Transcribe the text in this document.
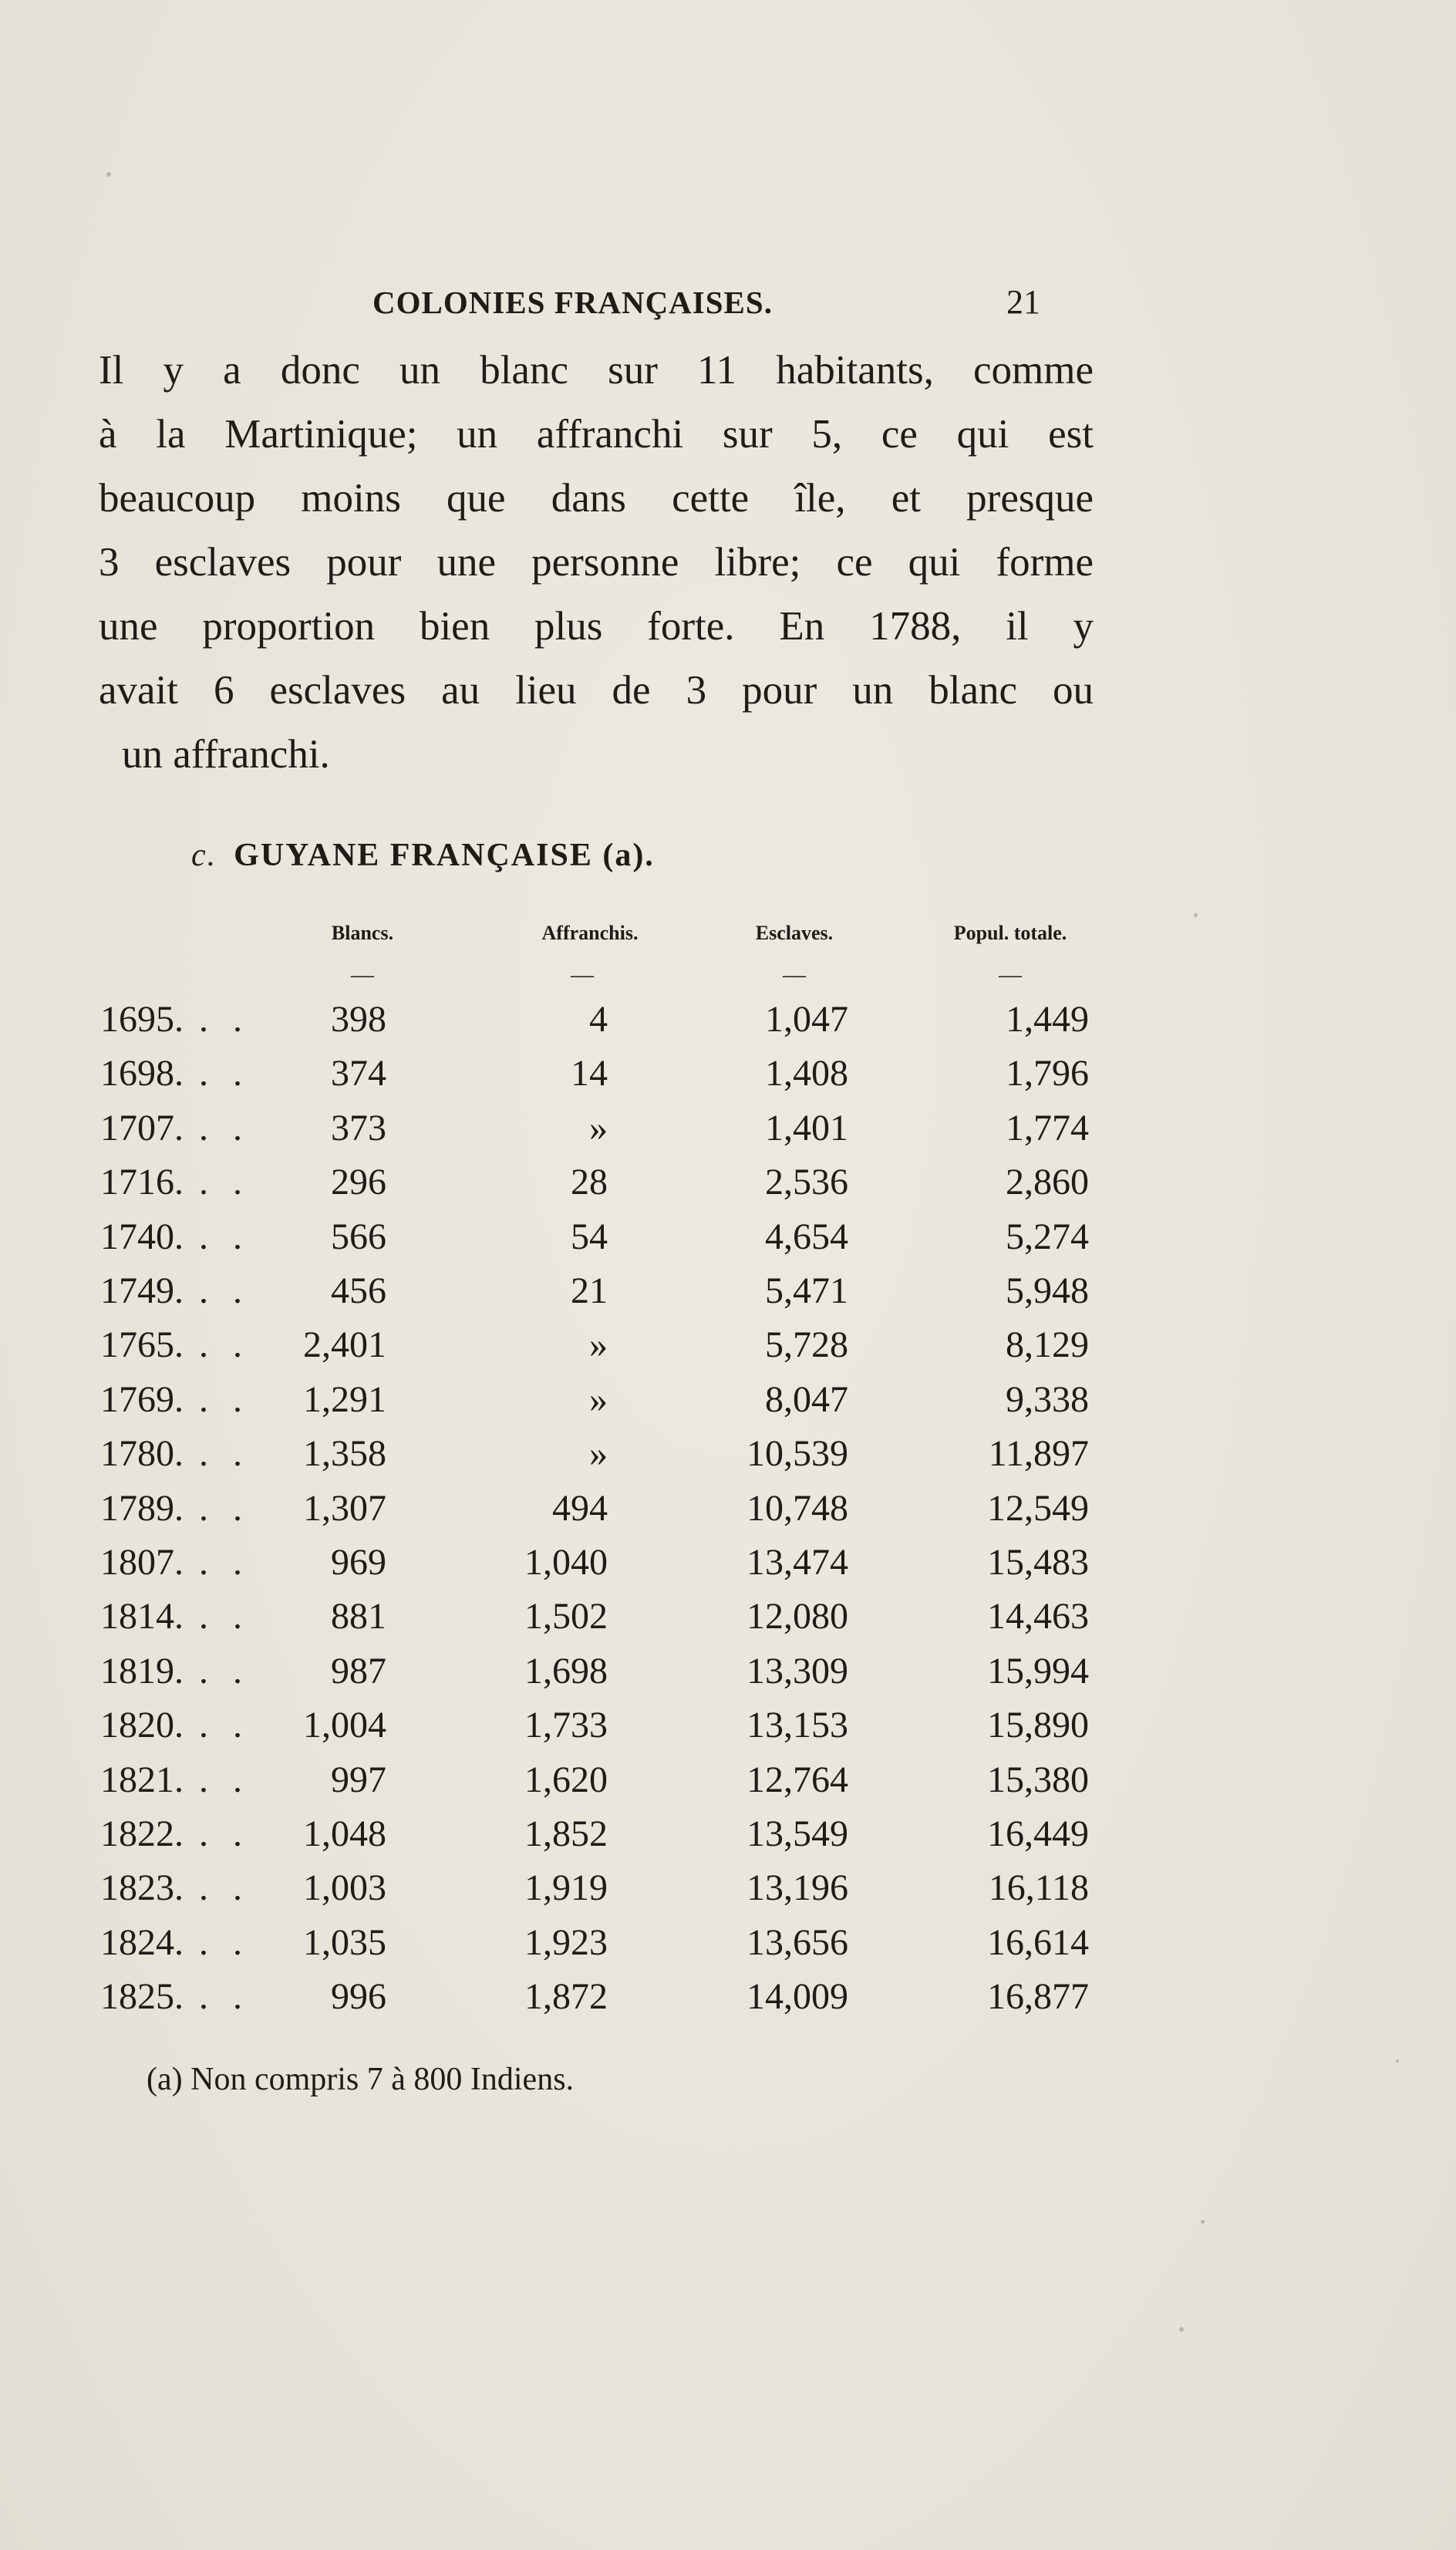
COLONIES FRANÇAISES.	21
Il y a donc un blanc sur 11 habitants, comme
à la Martinique; un affranchi sur 5, ce qui est
beaucoup moins que dans cette île, et presque
3 esclaves pour une personne libre; ce qui forme
une proportion bien plus forte. En 1788, il y
avait 6 esclaves au lieu de 3 pour un blanc ou
un affranchi.
c. GUYANE FRANÇAISE (a).
Blancs.	Affranchis.	Esclaves.	Popul. totale.
—	—	—	—
1695. . . 398	4	1,047	1,449
1698. . . 374	14	1,408	1,796
1707. . . 373	»	1,401	1,774
1716. . . 296	28	2,536	2,860
1740. . . 566	54	4,654	5,274
1749. . . 456	21	5,471	5,948
1765. . . 2,401	»	5,728	8,129
1769. . . 1,291	»	8,047	9,338
1780. . . 1,358	»	10,539	11,897
1789. . . 1,307	494	10,748	12,549
1807. . . 969	1,040	13,474	15,483
1814. . . 881	1,502	12,080	14,463
1819. . . 987	1,698	13,309	15,994
1820. . . 1,004	1,733	13,153	15,890
1821. . . 997	1,620	12,764	15,380
1822. . . 1,048	1,852	13,549	16,449
1823. . . 1,003	1,919	13,196	16,118
1824. . . 1,035	1,923	13,656	16,614
1825. . . 996	1,872	14,009	16,877
(a) Non compris 7 à 800 Indiens.
